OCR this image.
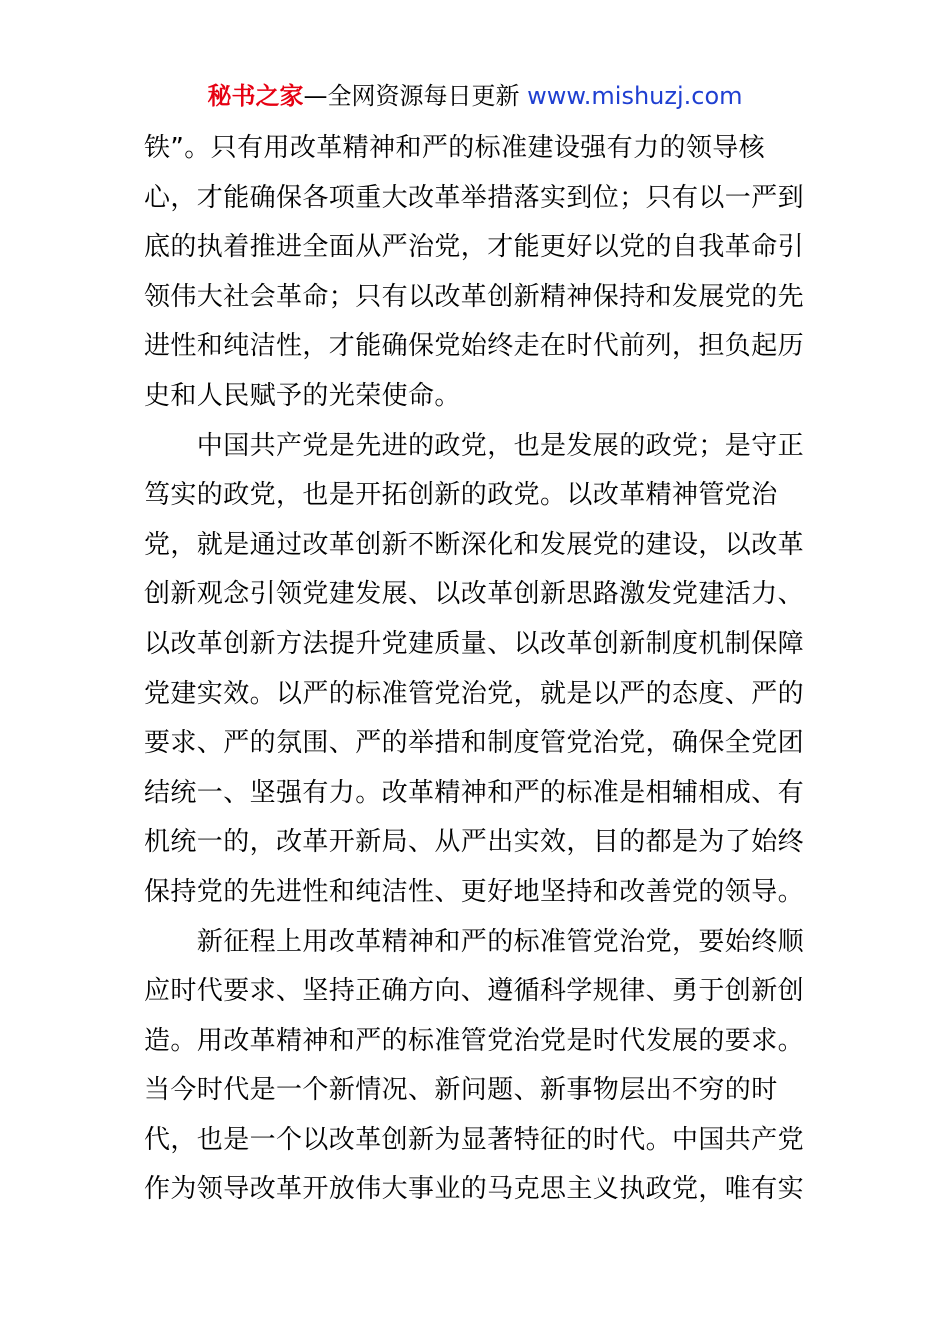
秘书之家—全网资源每日更新 www.mishuzj.com
铁”。只有用改革精神和严的标准建设强有力的领导核
心，才能确保各项重大改革举措落实到位；只有以一严到
底的执着推进全面从严治党，才能更好以党的自我革命引
领伟大社会革命；只有以改革创新精神保持和发展党的先
进性和纯洁性，才能确保党始终走在时代前列，担负起历
史和人民赋予的光荣使命。
　　中国共产党是先进的政党，也是发展的政党；是守正
笃实的政党，也是开拓创新的政党。以改革精神管党治
党，就是通过改革创新不断深化和发展党的建设，以改革
创新观念引领党建发展、以改革创新思路激发党建活力、
以改革创新方法提升党建质量、以改革创新制度机制保障
党建实效。以严的标准管党治党，就是以严的态度、严的
要求、严的氛围、严的举措和制度管党治党，确保全党团
结统一、坚强有力。改革精神和严的标准是相辅相成、有
机统一的，改革开新局、从严出实效，目的都是为了始终
保持党的先进性和纯洁性、更好地坚持和改善党的领导。
　　新征程上用改革精神和严的标准管党治党，要始终顺
应时代要求、坚持正确方向、遵循科学规律、勇于创新创
造。用改革精神和严的标准管党治党是时代发展的要求。
当今时代是一个新情况、新问题、新事物层出不穷的时
代，也是一个以改革创新为显著特征的时代。中国共产党
作为领导改革开放伟大事业的马克思主义执政党，唯有实
